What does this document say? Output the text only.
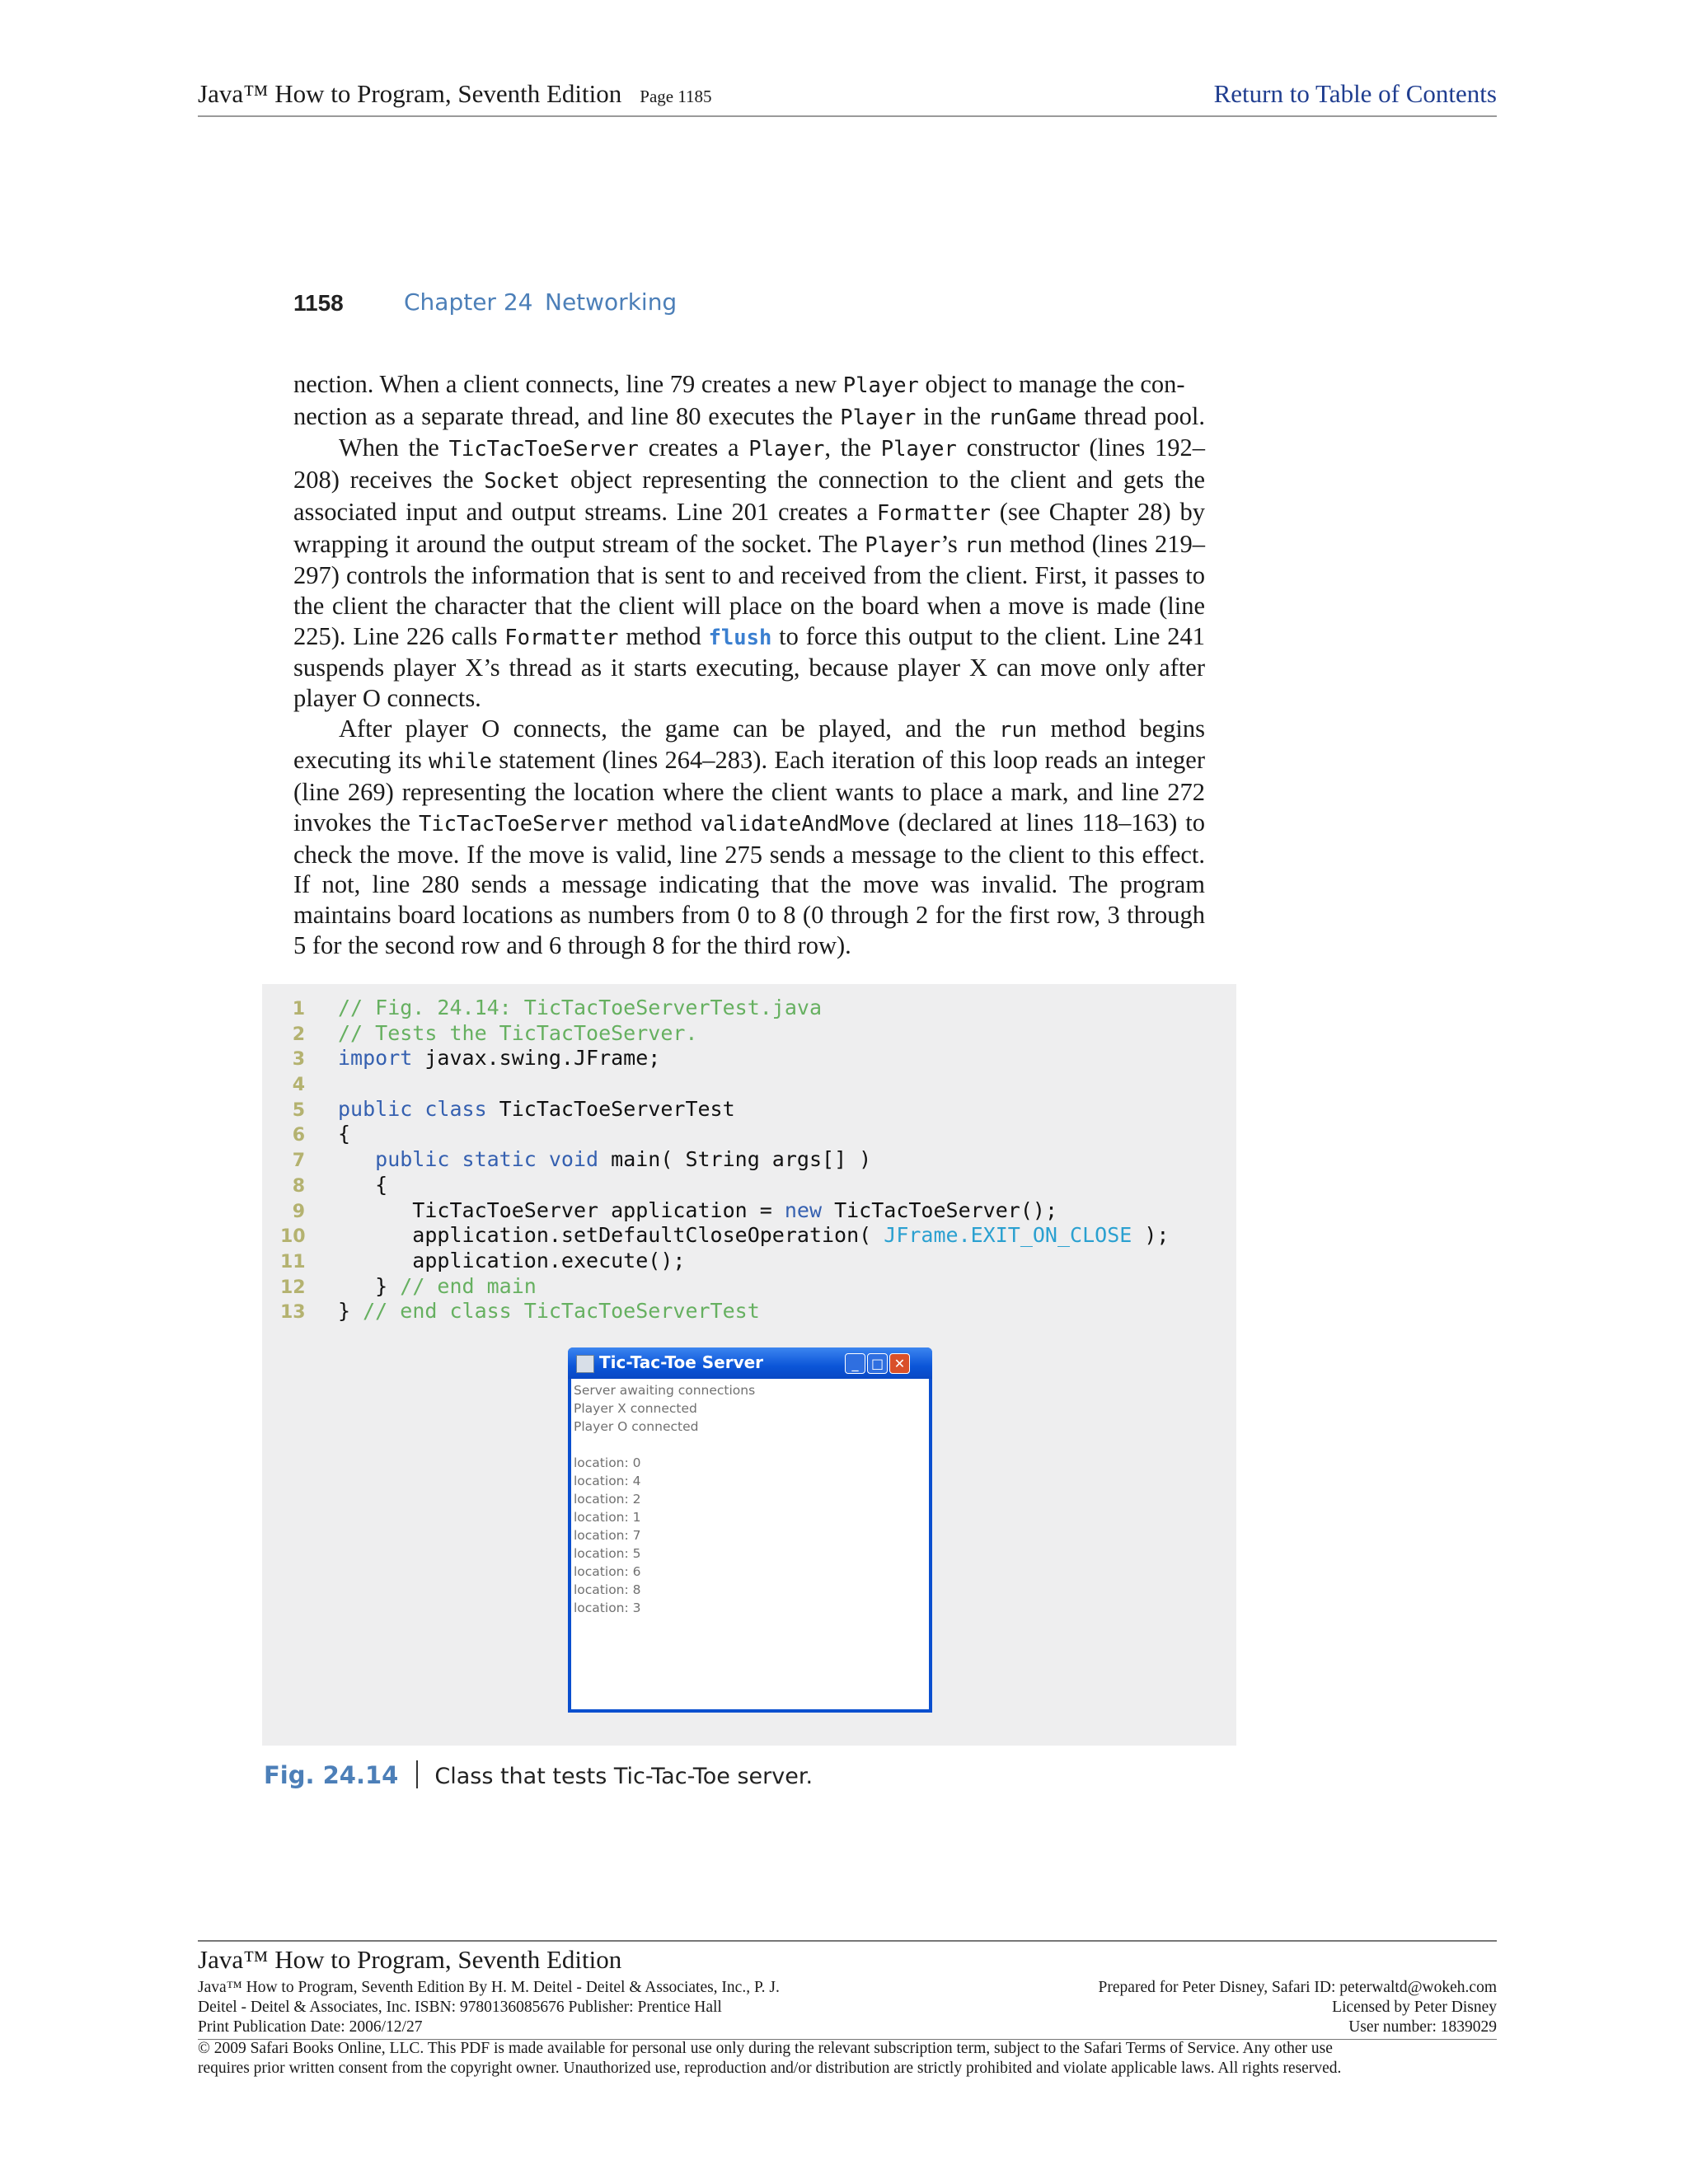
Java™ How to Program, Seventh Edition Page 1185	Return to Table of Contents
1158	Chapter 24 Networking

nection. When a client connects, line 79 creates a new Player object to manage the con-
nection as a separate thread, and line 80 executes the Player in the runGame thread pool.

When the TicTacToeServer creates a Player, the Player constructor (lines 192–208) receives the Socket object representing the connection to the client and gets the associated input and output streams. Line 201 creates a Formatter (see Chapter 28) by wrapping it around the output stream of the socket. The Player’s run method (lines 219–297) controls the information that is sent to and received from the client. First, it passes to the client the character that the client will place on the board when a move is made (line 225). Line 226 calls Formatter method flush to force this output to the client. Line 241 suspends player X’s thread as it starts executing, because player X can move only after player O connects.

After player O connects, the game can be played, and the run method begins executing its while statement (lines 264–283). Each iteration of this loop reads an integer (line 269) representing the location where the client wants to place a mark, and line 272 invokes the TicTacToeServer method validateAndMove (declared at lines 118–163) to check the move. If the move is valid, line 275 sends a message to the client to this effect. If not, line 280 sends a message indicating that the move was invalid. The program maintains board locations as numbers from 0 to 8 (0 through 2 for the first row, 3 through 5 for the second row and 6 through 8 for the third row).

1 // Fig. 24.14: TicTacToeServerTest.java
2 // Tests the TicTacToeServer.
3 import javax.swing.JFrame;
4
5 public class TicTacToeServerTest
6 {
7	public static void main( String args[] )
8   {
9      TicTacToeServer application = new TicTacToeServer();
10      application.setDefaultCloseOperation( JFrame.EXIT_ON_CLOSE );
11      application.execute();
12   } // end main
13 } // end class TicTacToeServerTest
Tic-Tac-Toe Server	_ □ ✕
Server awaiting connections
Player X connected
Player O connected
location: 0
location: 4
location: 2
location: 1
location: 7
location: 5
location: 6
location: 8
location: 3
Fig. 24.14 Class that tests Tic-Tac-Toe server.
Java™ How to Program, Seventh Edition
Java™ How to Program, Seventh Edition By H. M. Deitel - Deitel & Associates, Inc., P. J.
Deitel - Deitel & Associates, Inc. ISBN: 9780136085676 Publisher: Prentice Hall
Print Publication Date: 2006/12/27
Prepared for Peter Disney, Safari ID: peterwaltd@wokeh.com
Licensed by Peter Disney
User number: 1839029
© 2009 Safari Books Online, LLC. This PDF is made available for personal use only during the relevant subscription term, subject to the Safari Terms of Service. Any other use
requires prior written consent from the copyright owner. Unauthorized use, reproduction and/or distribution are strictly prohibited and violate applicable laws. All rights reserved.
